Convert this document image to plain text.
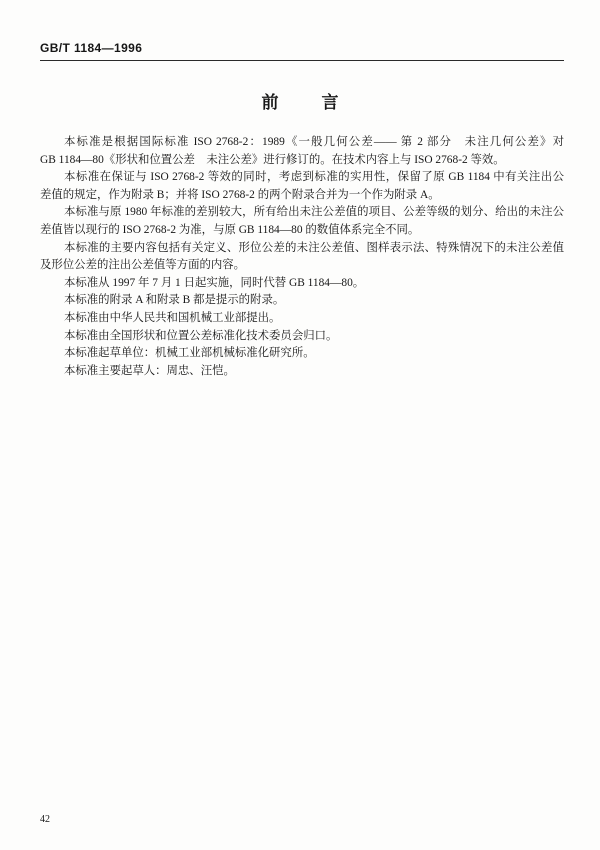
GB/T 1184—1996
前　言
本标准是根据国际标准 ISO 2768-2：1989《一般几何公差—— 第 2 部分　未注几何公差》对
GB 1184—80《形状和位置公差　未注公差》进行修订的。在技术内容上与 ISO 2768-2 等效。
本标准在保证与 ISO 2768-2 等效的同时，考虑到标准的实用性，保留了原 GB 1184 中有关注出公
差值的规定，作为附录 B；并将 ISO 2768-2 的两个附录合并为一个作为附录 A。
本标准与原 1980 年标准的差别较大，所有给出未注公差值的项目、公差等级的划分、给出的未注公
差值皆以现行的 ISO 2768-2 为准，与原 GB 1184—80 的数值体系完全不同。
本标准的主要内容包括有关定义、形位公差的未注公差值、图样表示法、特殊情况下的未注公差值
及形位公差的注出公差值等方面的内容。
本标准从 1997 年 7 月 1 日起实施，同时代替 GB 1184—80。
本标准的附录 A 和附录 B 都是提示的附录。
本标准由中华人民共和国机械工业部提出。
本标准由全国形状和位置公差标准化技术委员会归口。
本标准起草单位：机械工业部机械标准化研究所。
本标准主要起草人：周忠、汪恺。
42
